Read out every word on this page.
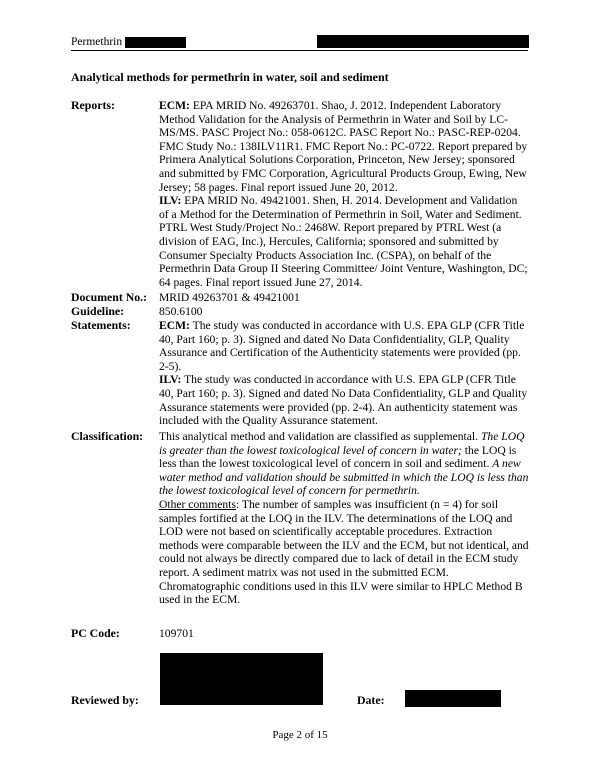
Permethrin
Analytical methods for permethrin in water, soil and sediment
Reports:	ECM: EPA MRID No. 49263701. Shao, J. 2012. Independent Laboratory Method Validation for the Analysis of Permethrin in Water and Soil by LC-MS/MS. PASC Project No.: 058-0612C. PASC Report No.: PASC-REP-0204. FMC Study No.: 138ILV11R1. FMC Report No.: PC-0722. Report prepared by Primera Analytical Solutions Corporation, Princeton, New Jersey; sponsored and submitted by FMC Corporation, Agricultural Products Group, Ewing, New Jersey; 58 pages. Final report issued June 20, 2012.

ILV: EPA MRID No. 49421001. Shen, H. 2014. Development and Validation of a Method for the Determination of Permethrin in Soil, Water and Sediment. PTRL West Study/Project No.: 2468W. Report prepared by PTRL West (a division of EAG, Inc.), Hercules, California; sponsored and submitted by Consumer Specialty Products Association Inc. (CSPA), on behalf of the Permethrin Data Group II Steering Committee/ Joint Venture, Washington, DC; 64 pages. Final report issued June 27, 2014.

Document No.: MRID 49263701 & 49421001
Guideline:	850.6100
Statements: ECM: The study was conducted in accordance with U.S. EPA GLP (CFR Title 40, Part 160; p. 3). Signed and dated No Data Confidentiality, GLP, Quality Assurance and Certification of the Authenticity statements were provided (pp. 2-5).

ILV: The study was conducted in accordance with U.S. EPA GLP (CFR Title 40, Part 160; p. 3). Signed and dated No Data Confidentiality, GLP and Quality Assurance statements were provided (pp. 2-4). An authenticity statement was included with the Quality Assurance statement.

Classification: This analytical method and validation are classified as supplemental. The LOQ is greater than the lowest toxicological level of concern in water; the LOQ is less than the lowest toxicological level of concern in soil and sediment. A new water method and validation should be submitted in which the LOQ is less than the lowest toxicological level of concern for permethrin.

Other comments: The number of samples was insufficient (n = 4) for soil samples fortified at the LOQ in the ILV. The determinations of the LOQ and LOD were not based on scientifically acceptable procedures. Extraction methods were comparable between the ILV and the ECM, but not identical, and could not always be directly compared due to lack of detail in the ECM study report. A sediment matrix was not used in the submitted ECM. Chromatographic conditions used in this ILV were similar to HPLC Method B used in the ECM.

PC Code:	109701
Reviewed by:	Date:
Page 2 of 15
